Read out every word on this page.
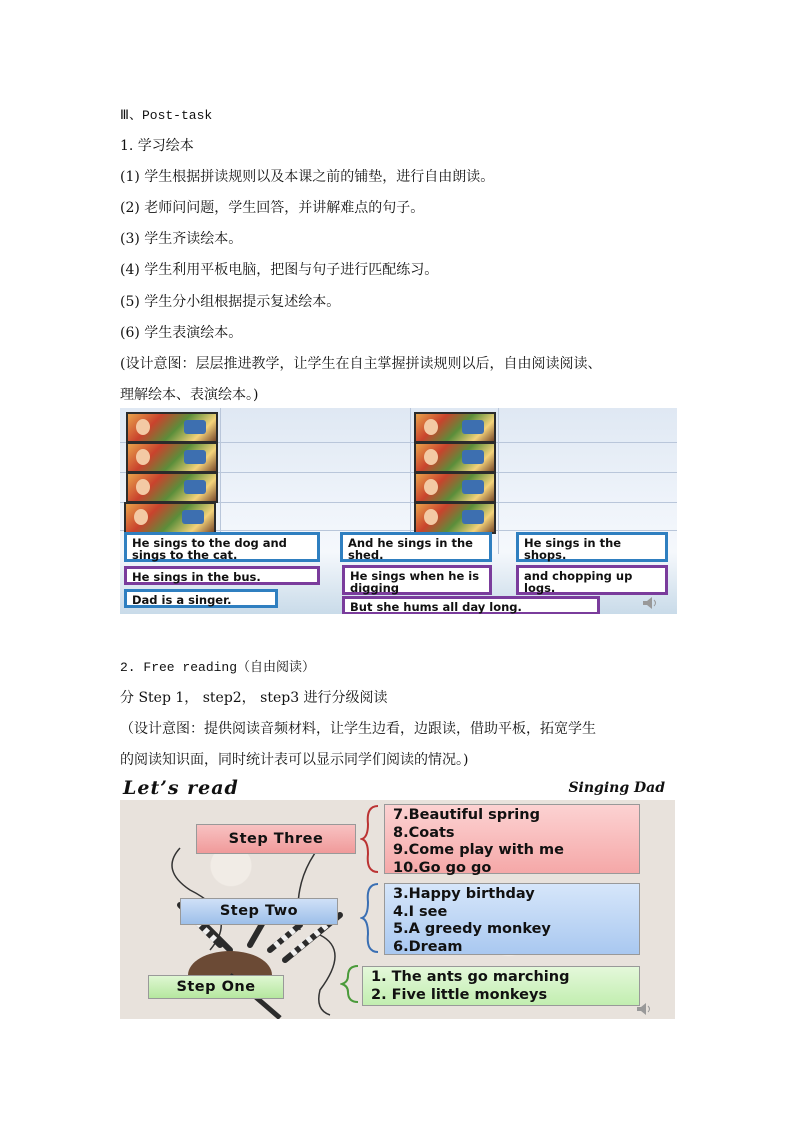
Ⅲ、Post-task
1. 学习绘本
(1) 学生根据拼读规则以及本课之前的铺垫，进行自由朗读。
(2) 老师问问题，学生回答，并讲解难点的句子。
(3) 学生齐读绘本。
(4) 学生利用平板电脑，把图与句子进行匹配练习。
(5) 学生分小组根据提示复述绘本。
(6) 学生表演绘本。
(设计意图：层层推进教学，让学生在自主掌握拼读规则以后，自由阅读阅读、
理解绘本、表演绘本。)
He sings to the dog and sings to the cat.
And he sings in the shed.
He sings in the shops.
He sings in the bus.	He sings when he is digging
and chopping up logs.
Dad is a singer.	But she hums all day long.
2. Free reading（自由阅读）
分 Step 1， step2， step3 进行分级阅读
（设计意图：提供阅读音频材料，让学生边看，边跟读，借助平板，拓宽学生
的阅读知识面，同时统计表可以显示同学们阅读的情况。)
Let’s read	Singing Dad
Step Three
7.Beautiful spring
8.Coats
9.Come play with me
10.Go go go
Step Two
3.Happy birthday
4.I see
5.A greedy monkey
6.Dream
Step One
1. The ants go marching
2. Five little monkeys
